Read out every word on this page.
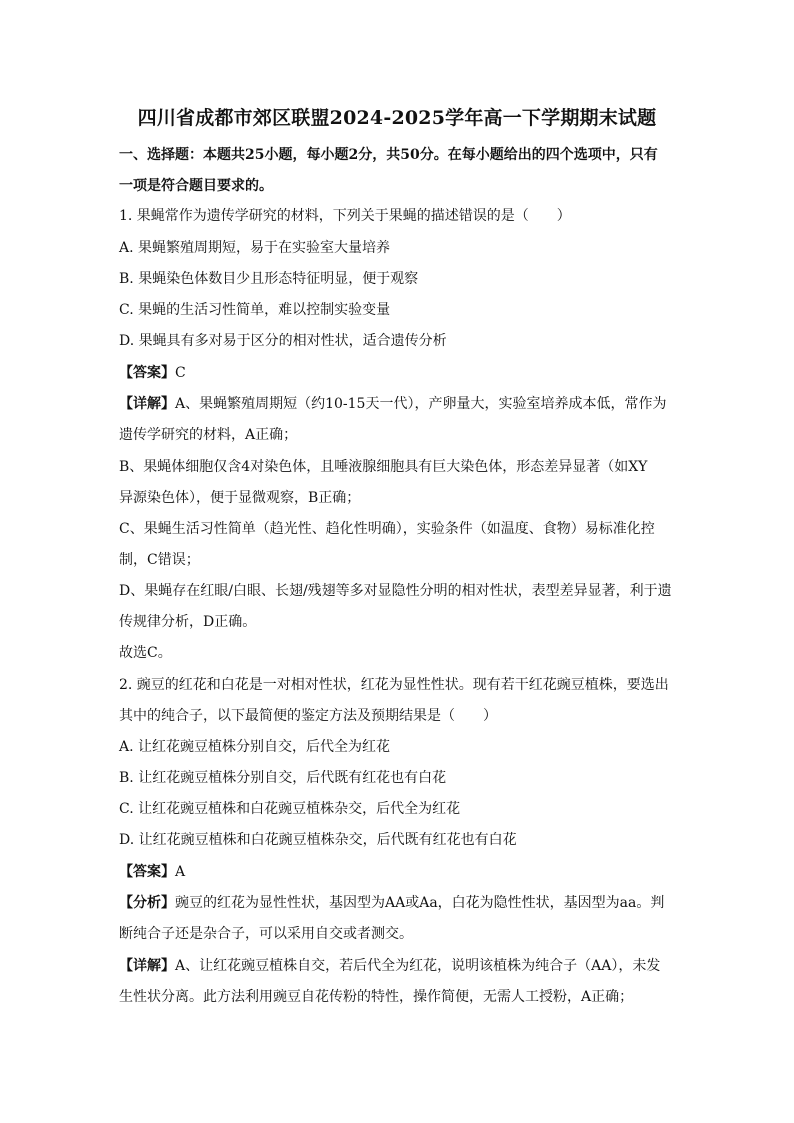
四川省成都市郊区联盟2024-2025学年高一下学期期末试题
一、选择题：本题共25小题，每小题2分，共50分。在每小题给出的四个选项中，只有
一项是符合题目要求的。
1. 果蝇常作为遗传学研究的材料，下列关于果蝇的描述错误的是（　　）
A. 果蝇繁殖周期短，易于在实验室大量培养
B. 果蝇染色体数目少且形态特征明显，便于观察
C. 果蝇的生活习性简单，难以控制实验变量
D. 果蝇具有多对易于区分的相对性状，适合遗传分析
【答案】C
【详解】A、果蝇繁殖周期短（约10-15天一代），产卵量大，实验室培养成本低，常作为
遗传学研究的材料，A正确；
B、果蝇体细胞仅含4对染色体，且唾液腺细胞具有巨大染色体，形态差异显著（如XY
异源染色体），便于显微观察，B正确；
C、果蝇生活习性简单（趋光性、趋化性明确），实验条件（如温度、食物）易标准化控
制，C错误；
D、果蝇存在红眼/白眼、长翅/残翅等多对显隐性分明的相对性状，表型差异显著，利于遗
传规律分析，D正确。
故选C。
2. 豌豆的红花和白花是一对相对性状，红花为显性性状。现有若干红花豌豆植株，要选出
其中的纯合子，以下最简便的鉴定方法及预期结果是（　　）
A. 让红花豌豆植株分别自交，后代全为红花
B. 让红花豌豆植株分别自交，后代既有红花也有白花
C. 让红花豌豆植株和白花豌豆植株杂交，后代全为红花
D. 让红花豌豆植株和白花豌豆植株杂交，后代既有红花也有白花
【答案】A
【分析】豌豆的红花为显性性状，基因型为AA或Aa，白花为隐性性状，基因型为aa。判
断纯合子还是杂合子，可以采用自交或者测交。
【详解】A、让红花豌豆植株自交，若后代全为红花，说明该植株为纯合子（AA），未发
生性状分离。此方法利用豌豆自花传粉的特性，操作简便，无需人工授粉，A正确；
